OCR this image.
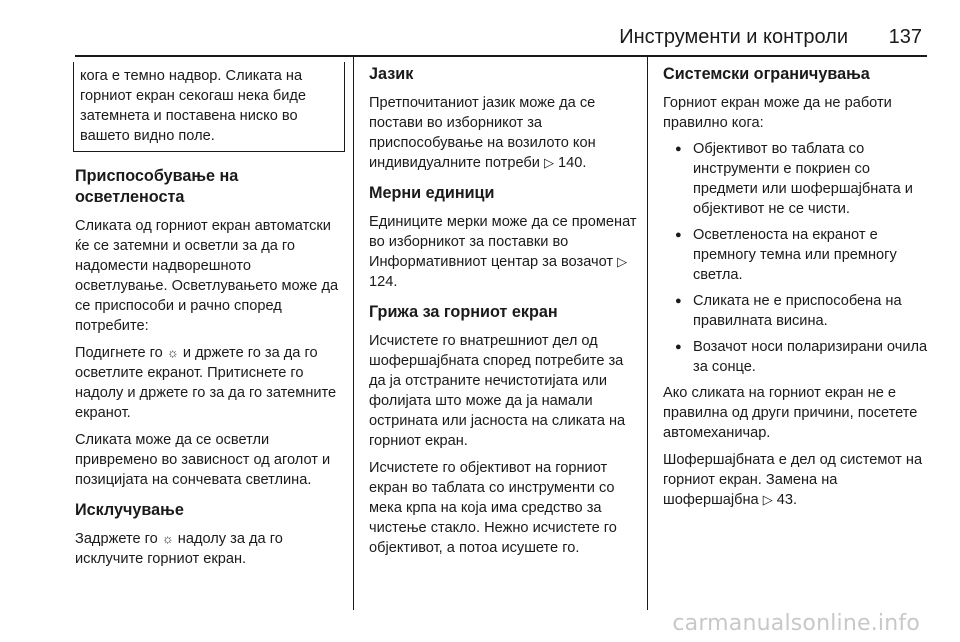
Инструменти и контроли 137
кога е темно надвор. Сликата на горниот екран секогаш нека биде затемнета и поставена ниско во вашето видно поле.
Приспособување на осветленоста

Сликата од горниот екран автоматски ќе се затемни и осветли за да го надомести надворешното осветлување. Осветлувањето може да се приспособи и рачно според потребите:

Подигнете го ☼ и држете го за да го осветлите екранот. Притиснете го надолу и држете го за да го затемните екранот.

Сликата може да се осветли привремено во зависност од аголот и позицијата на сончевата светлина.

Исклучување

Задржете го ☼ надолу за да го исклучите горниот екран.

Јазик

Претпочитаниот јазик може да се постави во изборникот за приспособување на возилото кон индивидуалните потреби ▷ 140.

Мерни единици

Единиците мерки може да се променат во изборникот за поставки во Информативниот центар за возачот ▷ 124.

Грижа за горниот екран

Исчистете го внатрешниот дел од шофершајбната според потребите за да ја отстраните нечистотијата или фолијата што може да ја намали острината или јасноста на сликата на горниот екран.

Исчистете го објективот на горниот екран во таблата со инструменти со мека крпа на која има средство за чистење стакло. Нежно исчистете го објективот, а потоа исушете го.

Системски ограничувања

Горниот екран може да не работи правилно кога:

● Објективот во таблата со инструменти е покриен со предмети или шофершајбната и објективот не се чисти.
● Осветленоста на екранот е премногу темна или премногу светла.
● Сликата не е приспособена на правилната висина.
● Возачот носи поларизирани очила за сонце.

Ако сликата на горниот екран не е правилна од други причини, посетете автомеханичар.

Шофершајбната е дел од системот на горниот екран. Замена на шофершајбна ▷ 43.

carmanualsonline.info
